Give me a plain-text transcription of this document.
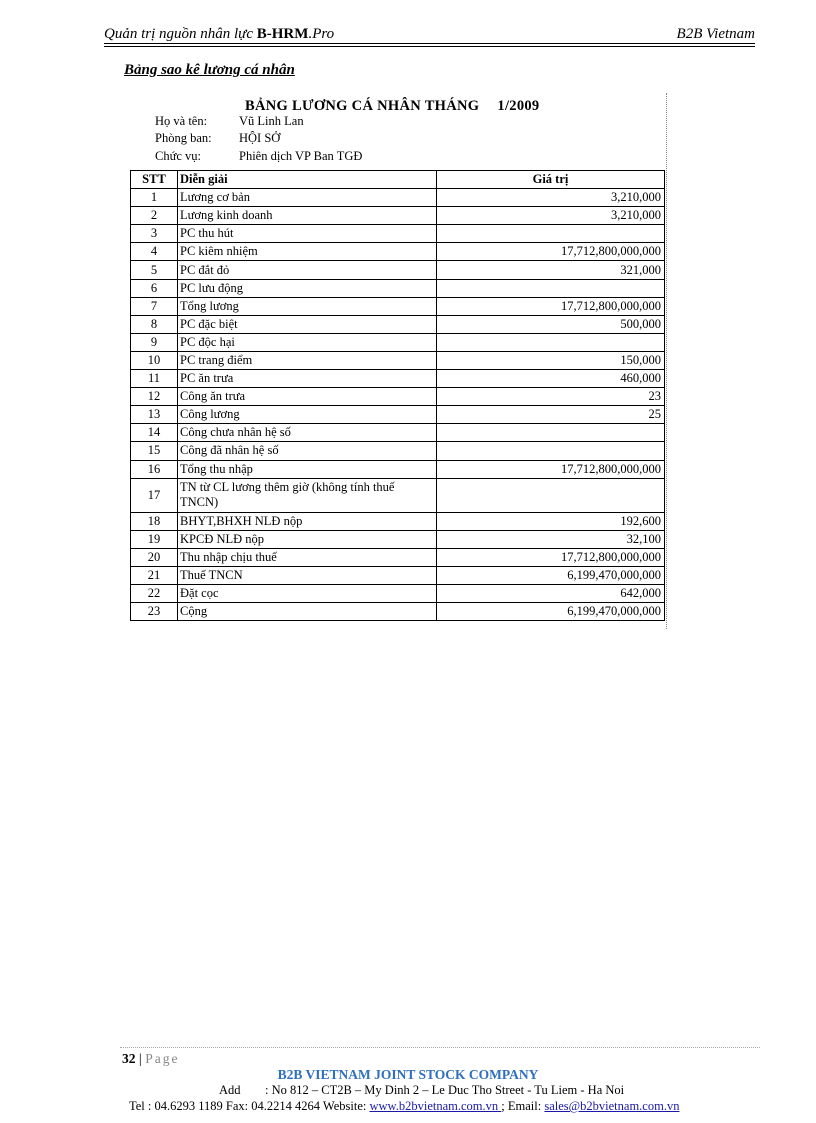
Quản trị nguồn nhân lực B-HRM.Pro	B2B Vietnam
Bảng sao kê lương cá nhân
BẢNG LƯƠNG CÁ NHÂN THÁNG 1/2009
Họ và tên:	Vũ Linh Lan
Phòng ban: HỘI SỞ
Chức vụ:	Phiên dịch VP Ban TGĐ
STT	Diễn giải	Giá trị
1	Lương cơ bản	3,210,000
2	Lương kinh doanh	3,210,000
3	PC thu hút	
4	PC kiêm nhiệm	17,712,800,000,000
5	PC đắt đỏ	321,000
6	PC lưu động	
7	Tổng lương	17,712,800,000,000
8	PC đặc biệt	500,000
9	PC độc hại	
10	PC trang điểm	150,000
11	PC ăn trưa	460,000
12	Công ăn trưa	23
13	Công lương	25
14	Công chưa nhân hệ số	
15	Công đã nhân hệ số	
16	Tổng thu nhập	17,712,800,000,000
17	TN từ CL lương thêm giờ (không tính thuế TNCN)	
18	BHYT,BHXH NLĐ nộp	192,600
19	KPCĐ NLĐ nộp	32,100
20	Thu nhập chịu thuế	17,712,800,000,000
21	Thuế TNCN	6,199,470,000,000
22	Đặt cọc	642,000
23	Cộng	6,199,470,000,000
32 | Page
B2B VIETNAM JOINT STOCK COMPANY
Add : No 812 – CT2B – My Dinh 2 – Le Duc Tho Street - Tu Liem - Ha Noi
Tel : 04.6293 1189 Fax: 04.2214 4264 Website: www.b2bvietnam.com.vn ; Email: sales@b2bvietnam.com.vn
